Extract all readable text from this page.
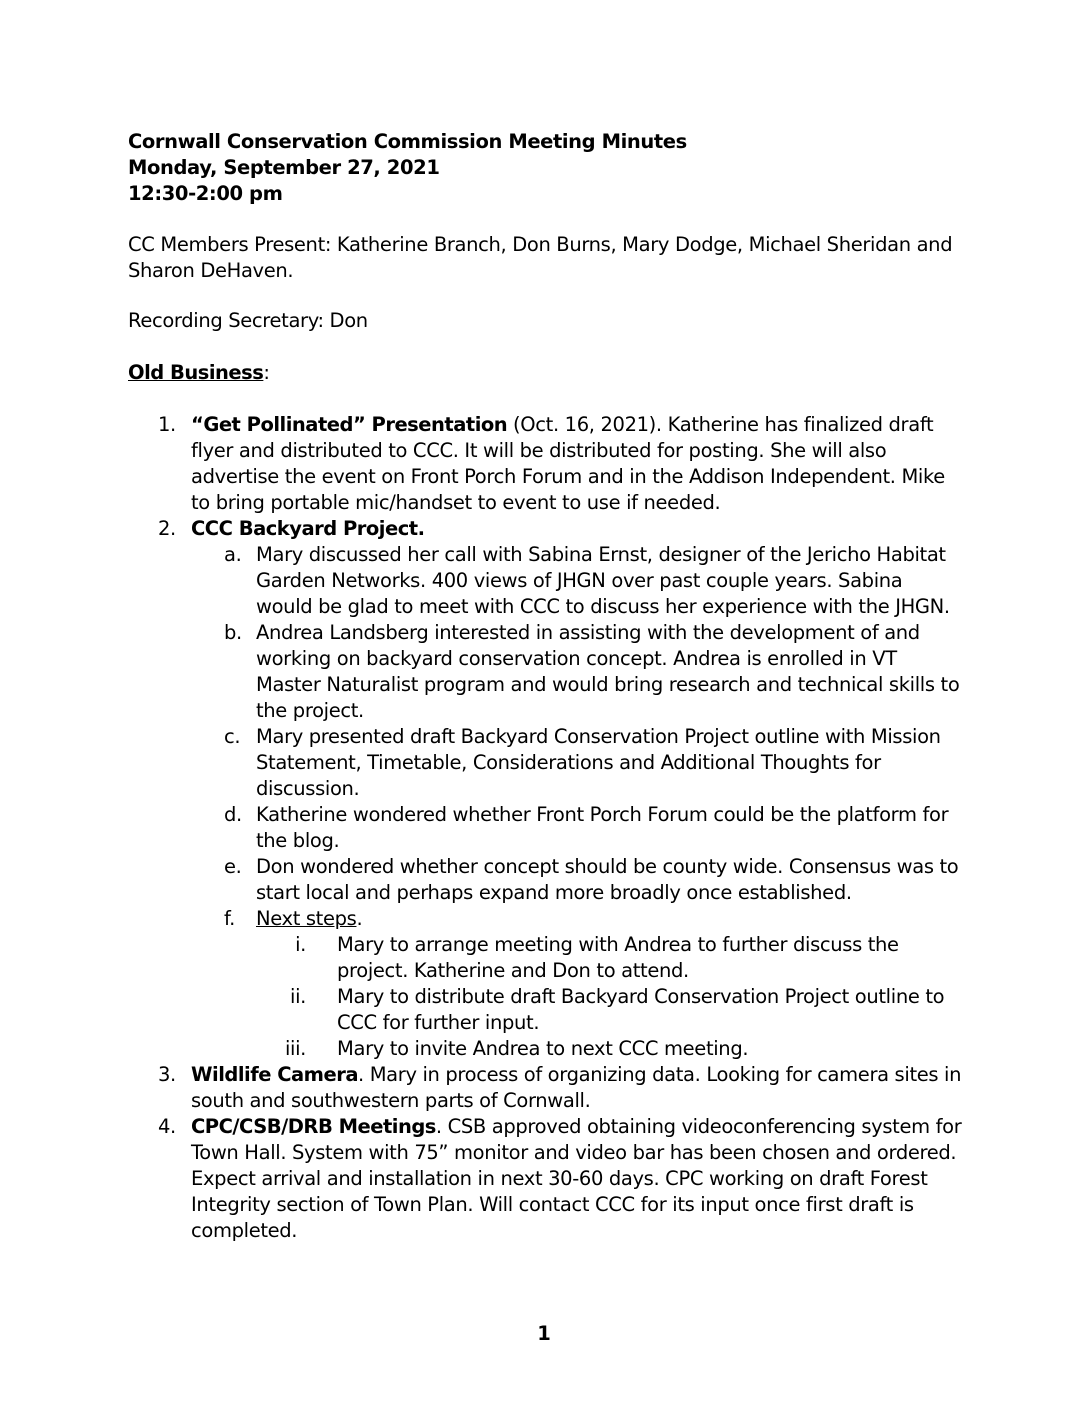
Cornwall Conservation Commission Meeting Minutes
Monday, September 27, 2021
12:30-2:00 pm

CC Members Present: Katherine Branch, Don Burns, Mary Dodge, Michael Sheridan and Sharon DeHaven.

Recording Secretary: Don

Old Business:

1. “Get Pollinated” Presentation (Oct. 16, 2021). Katherine has finalized draft flyer and distributed to CCC. It will be distributed for posting. She will also advertise the event on Front Porch Forum and in the Addison Independent. Mike to bring portable mic/handset to event to use if needed.
2. CCC Backyard Project.
a. Mary discussed her call with Sabina Ernst, designer of the Jericho Habitat Garden Networks. 400 views of JHGN over past couple years. Sabina would be glad to meet with CCC to discuss her experience with the JHGN.
b. Andrea Landsberg interested in assisting with the development of and working on backyard conservation concept. Andrea is enrolled in VT Master Naturalist program and would bring research and technical skills to the project.
c. Mary presented draft Backyard Conservation Project outline with Mission Statement, Timetable, Considerations and Additional Thoughts for discussion.
d. Katherine wondered whether Front Porch Forum could be the platform for the blog.
e. Don wondered whether concept should be county wide. Consensus was to start local and perhaps expand more broadly once established.
f. Next steps.
i. Mary to arrange meeting with Andrea to further discuss the project. Katherine and Don to attend.
ii. Mary to distribute draft Backyard Conservation Project outline to CCC for further input.
iii. Mary to invite Andrea to next CCC meeting.
3. Wildlife Camera. Mary in process of organizing data. Looking for camera sites in south and southwestern parts of Cornwall.
4. CPC/CSB/DRB Meetings. CSB approved obtaining videoconferencing system for Town Hall. System with 75” monitor and video bar has been chosen and ordered. Expect arrival and installation in next 30-60 days. CPC working on draft Forest Integrity section of Town Plan. Will contact CCC for its input once first draft is completed.
1
